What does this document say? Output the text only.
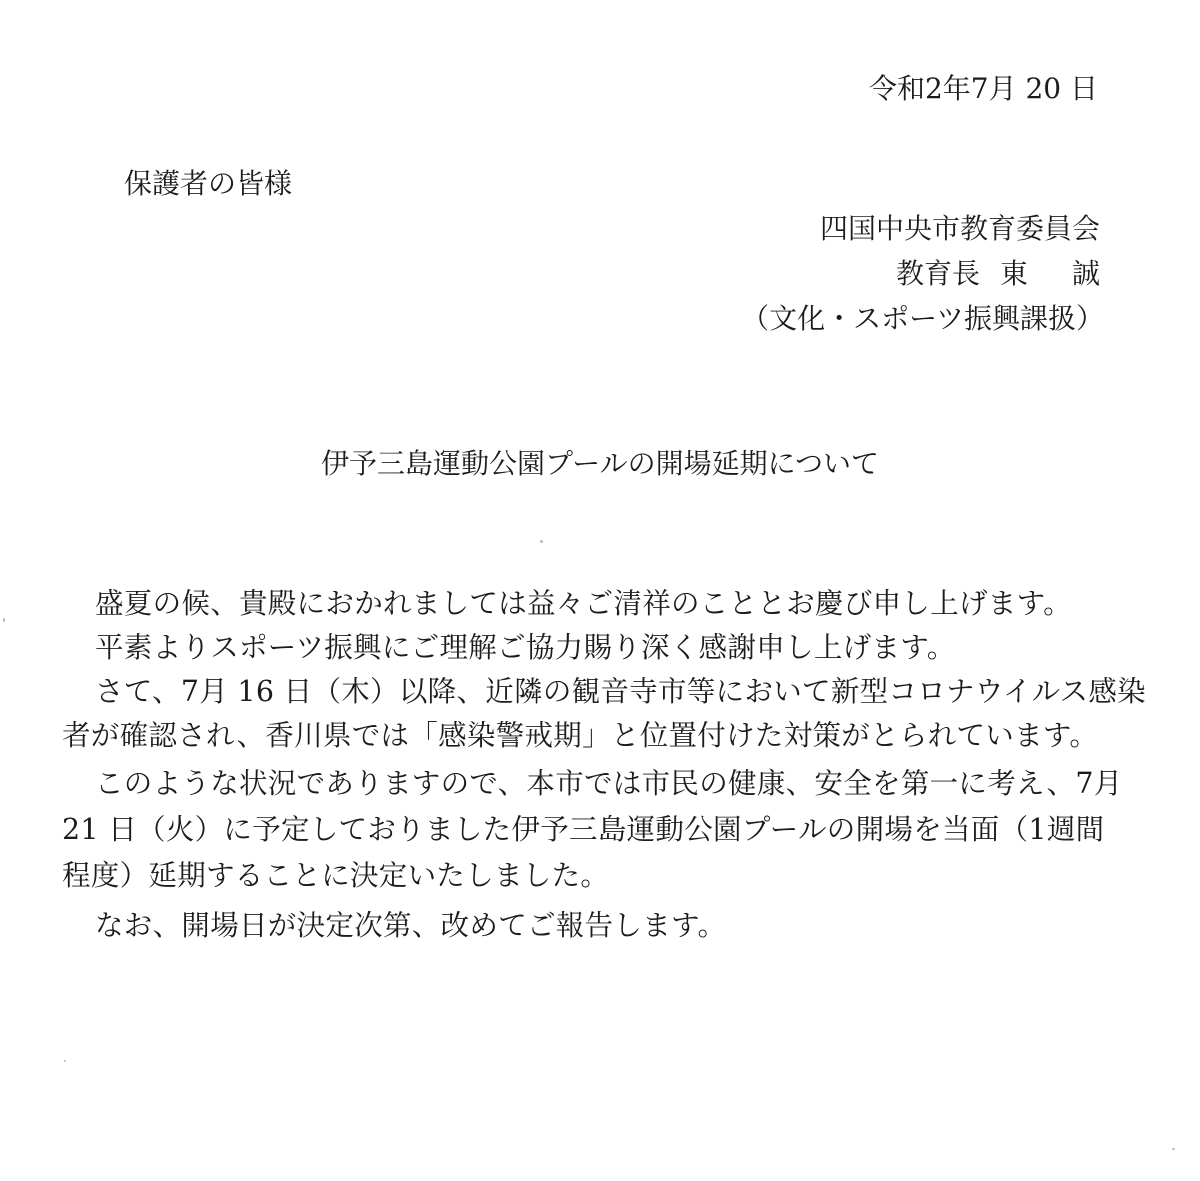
令和2年7月 20 日
保護者の皆様
四国中央市教育委員会
教育長 東 誠
（文化・スポーツ振興課扱）
伊予三島運動公園プールの開場延期について
盛夏の候、貴殿におかれましては益々ご清祥のこととお慶び申し上げます。
平素よりスポーツ振興にご理解ご協力賜り深く感謝申し上げます。
さて、7月 16 日（木）以降、近隣の観音寺市等において新型コロナウイルス感染
者が確認され、香川県では「感染警戒期」と位置付けた対策がとられています。
このような状況でありますので、本市では市民の健康、安全を第一に考え、7月
21 日（火）に予定しておりました伊予三島運動公園プールの開場を当面（1週間
程度）延期することに決定いたしました。
なお、開場日が決定次第、改めてご報告します。
